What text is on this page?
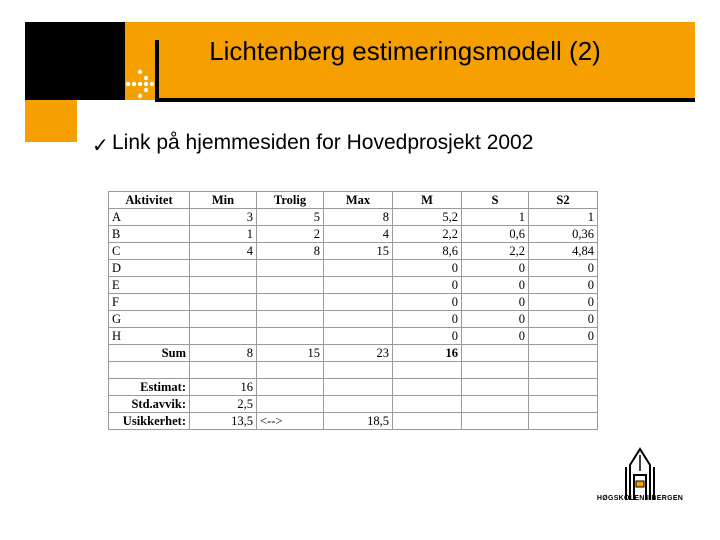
Lichtenberg estimeringsmodell (2)
✓ Link på hjemmesiden for Hovedprosjekt 2002
Aktivitet	Min	Trolig	Max	M	S	S2
A	3	5	8	5,2	1	1
B	1	2	4	2,2	0,6	0,36
C	4	8	15	8,6	2,2	4,84
D				0	0	0
E				0	0	0
F				0	0	0
G				0	0	0
H				0	0	0
Sum	8	15	23	16		

Estimat:	16					
Std.avvik:	2,5					
Usikkerhet:	13,5	<-->	18,5			
HØGSKOLEN I BERGEN
